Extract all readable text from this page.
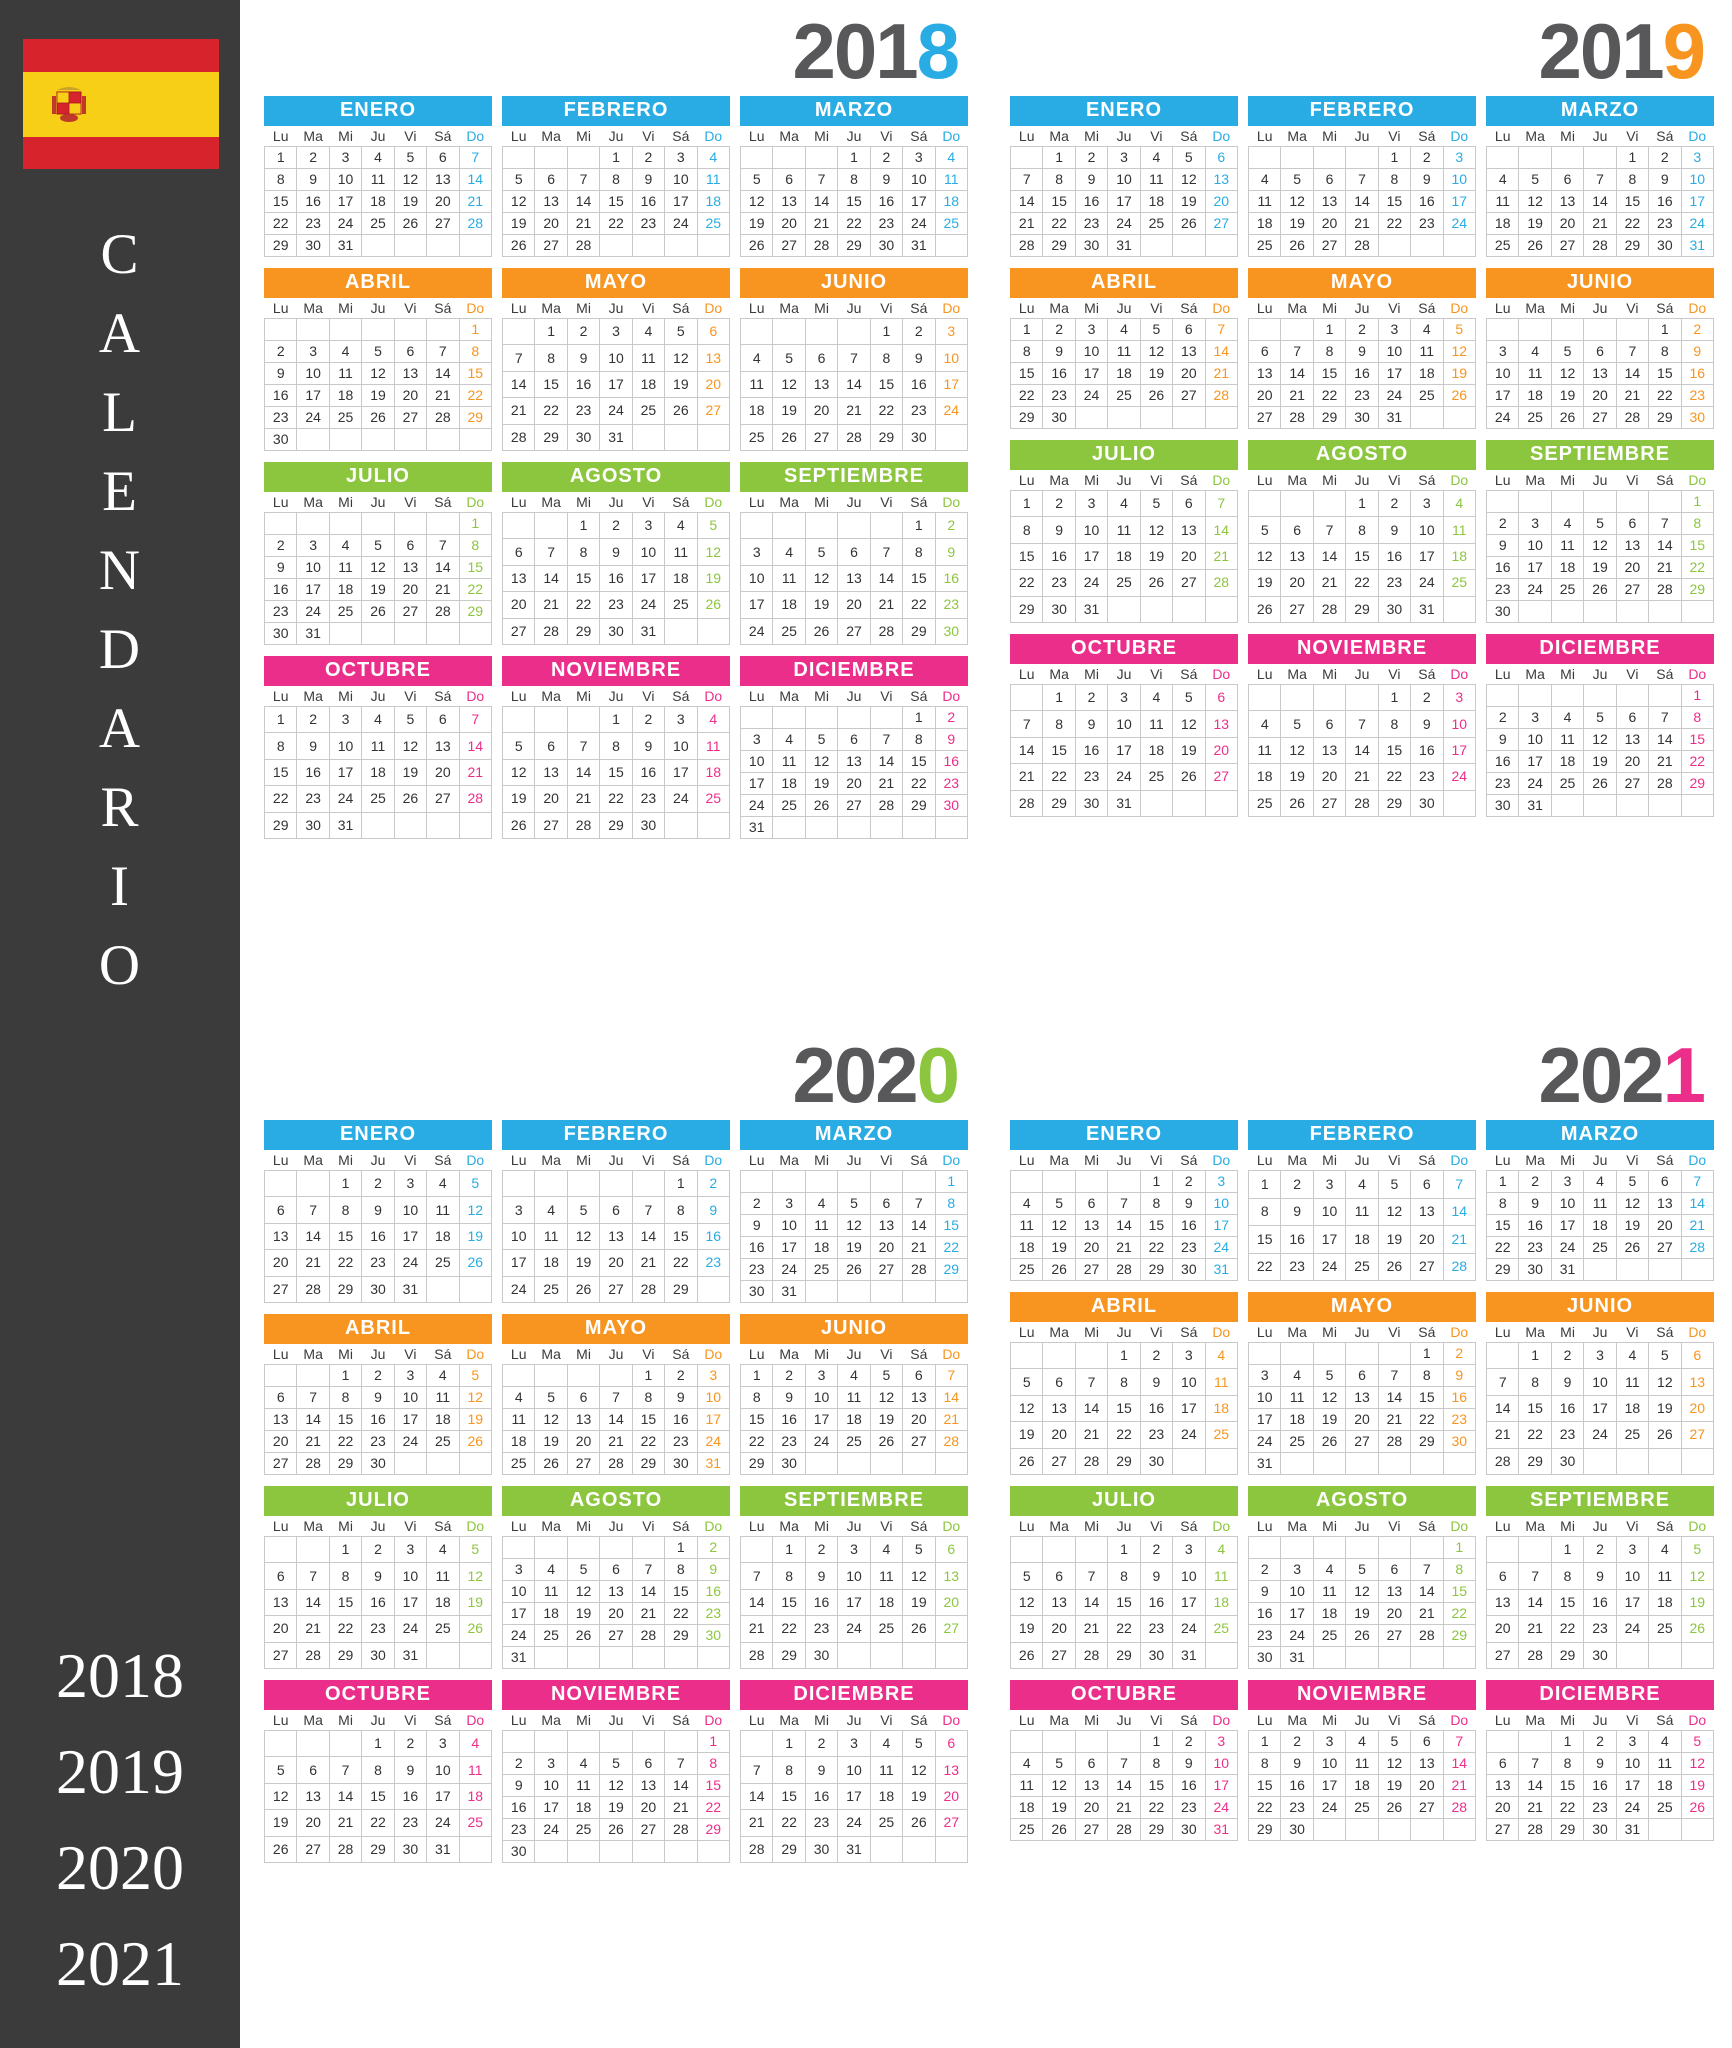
C
A
L
E
N
D
A
R
I
O
2018
2019
2020
2021
2018
ENERO	FEBRERO	MARZO
Lu	Ma	Mi	Ju	Vi	Sá	Do
1	2	3	4	5	6	7
8	9	10	11	12	13	14
15	16	17	18	19	20	21
22	23	24	25	26	27	28
29	30	31				
Lu	Ma	Mi	Ju	Vi	Sá	Do
			1	2	3	4
5	6	7	8	9	10	11
12	13	14	15	16	17	18
19	20	21	22	23	24	25
26	27	28				
Lu	Ma	Mi	Ju	Vi	Sá	Do
			1	2	3	4
5	6	7	8	9	10	11
12	13	14	15	16	17	18
19	20	21	22	23	24	25
26	27	28	29	30	31	
ABRIL	MAYO	JUNIO
Lu	Ma	Mi	Ju	Vi	Sá	Do
						1
2	3	4	5	6	7	8
9	10	11	12	13	14	15
16	17	18	19	20	21	22
23	24	25	26	27	28	29
30						
Lu	Ma	Mi	Ju	Vi	Sá	Do
	1	2	3	4	5	6
7	8	9	10	11	12	13
14	15	16	17	18	19	20
21	22	23	24	25	26	27
28	29	30	31			
Lu	Ma	Mi	Ju	Vi	Sá	Do
				1	2	3
4	5	6	7	8	9	10
11	12	13	14	15	16	17
18	19	20	21	22	23	24
25	26	27	28	29	30	
JULIO	AGOSTO	SEPTIEMBRE
Lu	Ma	Mi	Ju	Vi	Sá	Do
						1
2	3	4	5	6	7	8
9	10	11	12	13	14	15
16	17	18	19	20	21	22
23	24	25	26	27	28	29
30	31					
Lu	Ma	Mi	Ju	Vi	Sá	Do
		1	2	3	4	5
6	7	8	9	10	11	12
13	14	15	16	17	18	19
20	21	22	23	24	25	26
27	28	29	30	31		
Lu	Ma	Mi	Ju	Vi	Sá	Do
					1	2
3	4	5	6	7	8	9
10	11	12	13	14	15	16
17	18	19	20	21	22	23
24	25	26	27	28	29	30
OCTUBRE	NOVIEMBRE	DICIEMBRE
Lu	Ma	Mi	Ju	Vi	Sá	Do
1	2	3	4	5	6	7
8	9	10	11	12	13	14
15	16	17	18	19	20	21
22	23	24	25	26	27	28
29	30	31				
Lu	Ma	Mi	Ju	Vi	Sá	Do
			1	2	3	4
5	6	7	8	9	10	11
12	13	14	15	16	17	18
19	20	21	22	23	24	25
26	27	28	29	30		
Lu	Ma	Mi	Ju	Vi	Sá	Do
					1	2
3	4	5	6	7	8	9
10	11	12	13	14	15	16
17	18	19	20	21	22	23
24	25	26	27	28	29	30
31						
2019
ENERO	FEBRERO	MARZO
Lu	Ma	Mi	Ju	Vi	Sá	Do
	1	2	3	4	5	6
7	8	9	10	11	12	13
14	15	16	17	18	19	20
21	22	23	24	25	26	27
28	29	30	31			
Lu	Ma	Mi	Ju	Vi	Sá	Do
				1	2	3
4	5	6	7	8	9	10
11	12	13	14	15	16	17
18	19	20	21	22	23	24
25	26	27	28			
Lu	Ma	Mi	Ju	Vi	Sá	Do
				1	2	3
4	5	6	7	8	9	10
11	12	13	14	15	16	17
18	19	20	21	22	23	24
25	26	27	28	29	30	31
ABRIL	MAYO	JUNIO
Lu	Ma	Mi	Ju	Vi	Sá	Do
1	2	3	4	5	6	7
8	9	10	11	12	13	14
15	16	17	18	19	20	21
22	23	24	25	26	27	28
29	30					
Lu	Ma	Mi	Ju	Vi	Sá	Do
		1	2	3	4	5
6	7	8	9	10	11	12
13	14	15	16	17	18	19
20	21	22	23	24	25	26
27	28	29	30	31		
Lu	Ma	Mi	Ju	Vi	Sá	Do
					1	2
3	4	5	6	7	8	9
10	11	12	13	14	15	16
17	18	19	20	21	22	23
24	25	26	27	28	29	30
JULIO	AGOSTO	SEPTIEMBRE
Lu	Ma	Mi	Ju	Vi	Sá	Do
1	2	3	4	5	6	7
8	9	10	11	12	13	14
15	16	17	18	19	20	21
22	23	24	25	26	27	28
29	30	31				
Lu	Ma	Mi	Ju	Vi	Sá	Do
			1	2	3	4
5	6	7	8	9	10	11
12	13	14	15	16	17	18
19	20	21	22	23	24	25
26	27	28	29	30	31	
Lu	Ma	Mi	Ju	Vi	Sá	Do
						1
2	3	4	5	6	7	8
9	10	11	12	13	14	15
16	17	18	19	20	21	22
23	24	25	26	27	28	29
30						
OCTUBRE	NOVIEMBRE	DICIEMBRE
Lu	Ma	Mi	Ju	Vi	Sá	Do
	1	2	3	4	5	6
7	8	9	10	11	12	13
14	15	16	17	18	19	20
21	22	23	24	25	26	27
28	29	30	31			
Lu	Ma	Mi	Ju	Vi	Sá	Do
				1	2	3
4	5	6	7	8	9	10
11	12	13	14	15	16	17
18	19	20	21	22	23	24
25	26	27	28	29	30	
Lu	Ma	Mi	Ju	Vi	Sá	Do
						1
2	3	4	5	6	7	8
9	10	11	12	13	14	15
16	17	18	19	20	21	22
23	24	25	26	27	28	29
30	31					
2020
ENERO	FEBRERO	MARZO
Lu	Ma	Mi	Ju	Vi	Sá	Do
		1	2	3	4	5
6	7	8	9	10	11	12
13	14	15	16	17	18	19
20	21	22	23	24	25	26
27	28	29	30	31		
Lu	Ma	Mi	Ju	Vi	Sá	Do
					1	2
3	4	5	6	7	8	9
10	11	12	13	14	15	16
17	18	19	20	21	22	23
24	25	26	27	28	29	
Lu	Ma	Mi	Ju	Vi	Sá	Do
						1
2	3	4	5	6	7	8
9	10	11	12	13	14	15
16	17	18	19	20	21	22
23	24	25	26	27	28	29
30	31					
ABRIL	MAYO	JUNIO
Lu	Ma	Mi	Ju	Vi	Sá	Do
		1	2	3	4	5
6	7	8	9	10	11	12
13	14	15	16	17	18	19
20	21	22	23	24	25	26
27	28	29	30			
Lu	Ma	Mi	Ju	Vi	Sá	Do
				1	2	3
4	5	6	7	8	9	10
11	12	13	14	15	16	17
18	19	20	21	22	23	24
25	26	27	28	29	30	31
Lu	Ma	Mi	Ju	Vi	Sá	Do
1	2	3	4	5	6	7
8	9	10	11	12	13	14
15	16	17	18	19	20	21
22	23	24	25	26	27	28
29	30					
JULIO	AGOSTO	SEPTIEMBRE
Lu	Ma	Mi	Ju	Vi	Sá	Do
		1	2	3	4	5
6	7	8	9	10	11	12
13	14	15	16	17	18	19
20	21	22	23	24	25	26
27	28	29	30	31		
Lu	Ma	Mi	Ju	Vi	Sá	Do
					1	2
3	4	5	6	7	8	9
10	11	12	13	14	15	16
17	18	19	20	21	22	23
24	25	26	27	28	29	30
31						
Lu	Ma	Mi	Ju	Vi	Sá	Do
	1	2	3	4	5	6
7	8	9	10	11	12	13
14	15	16	17	18	19	20
21	22	23	24	25	26	27
28	29	30				
OCTUBRE	NOVIEMBRE	DICIEMBRE
Lu	Ma	Mi	Ju	Vi	Sá	Do
			1	2	3	4
5	6	7	8	9	10	11
12	13	14	15	16	17	18
19	20	21	22	23	24	25
26	27	28	29	30	31	
Lu	Ma	Mi	Ju	Vi	Sá	Do
						1
2	3	4	5	6	7	8
9	10	11	12	13	14	15
16	17	18	19	20	21	22
23	24	25	26	27	28	29
30						
Lu	Ma	Mi	Ju	Vi	Sá	Do
	1	2	3	4	5	6
7	8	9	10	11	12	13
14	15	16	17	18	19	20
21	22	23	24	25	26	27
28	29	30	31			
2021
ENERO	FEBRERO	MARZO
Lu	Ma	Mi	Ju	Vi	Sá	Do
				1	2	3
4	5	6	7	8	9	10
11	12	13	14	15	16	17
18	19	20	21	22	23	24
25	26	27	28	29	30	31
Lu	Ma	Mi	Ju	Vi	Sá	Do
1	2	3	4	5	6	7
8	9	10	11	12	13	14
15	16	17	18	19	20	21
22	23	24	25	26	27	28
Lu	Ma	Mi	Ju	Vi	Sá	Do
1	2	3	4	5	6	7
8	9	10	11	12	13	14
15	16	17	18	19	20	21
22	23	24	25	26	27	28
29	30	31				
ABRIL	MAYO	JUNIO
Lu	Ma	Mi	Ju	Vi	Sá	Do
			1	2	3	4
5	6	7	8	9	10	11
12	13	14	15	16	17	18
19	20	21	22	23	24	25
26	27	28	29	30		
Lu	Ma	Mi	Ju	Vi	Sá	Do
					1	2
3	4	5	6	7	8	9
10	11	12	13	14	15	16
17	18	19	20	21	22	23
24	25	26	27	28	29	30
31						
Lu	Ma	Mi	Ju	Vi	Sá	Do
	1	2	3	4	5	6
7	8	9	10	11	12	13
14	15	16	17	18	19	20
21	22	23	24	25	26	27
28	29	30				
JULIO	AGOSTO	SEPTIEMBRE
Lu	Ma	Mi	Ju	Vi	Sá	Do
			1	2	3	4
5	6	7	8	9	10	11
12	13	14	15	16	17	18
19	20	21	22	23	24	25
26	27	28	29	30	31	
Lu	Ma	Mi	Ju	Vi	Sá	Do
						1
2	3	4	5	6	7	8
9	10	11	12	13	14	15
16	17	18	19	20	21	22
23	24	25	26	27	28	29
30	31					
Lu	Ma	Mi	Ju	Vi	Sá	Do
		1	2	3	4	5
6	7	8	9	10	11	12
13	14	15	16	17	18	19
20	21	22	23	24	25	26
27	28	29	30			
OCTUBRE	NOVIEMBRE	DICIEMBRE
Lu	Ma	Mi	Ju	Vi	Sá	Do
				1	2	3
4	5	6	7	8	9	10
11	12	13	14	15	16	17
18	19	20	21	22	23	24
25	26	27	28	29	30	31
Lu	Ma	Mi	Ju	Vi	Sá	Do
1	2	3	4	5	6	7
8	9	10	11	12	13	14
15	16	17	18	19	20	21
22	23	24	25	26	27	28
29	30					
Lu	Ma	Mi	Ju	Vi	Sá	Do
		1	2	3	4	5
6	7	8	9	10	11	12
13	14	15	16	17	18	19
20	21	22	23	24	25	26
27	28	29	30	31		
